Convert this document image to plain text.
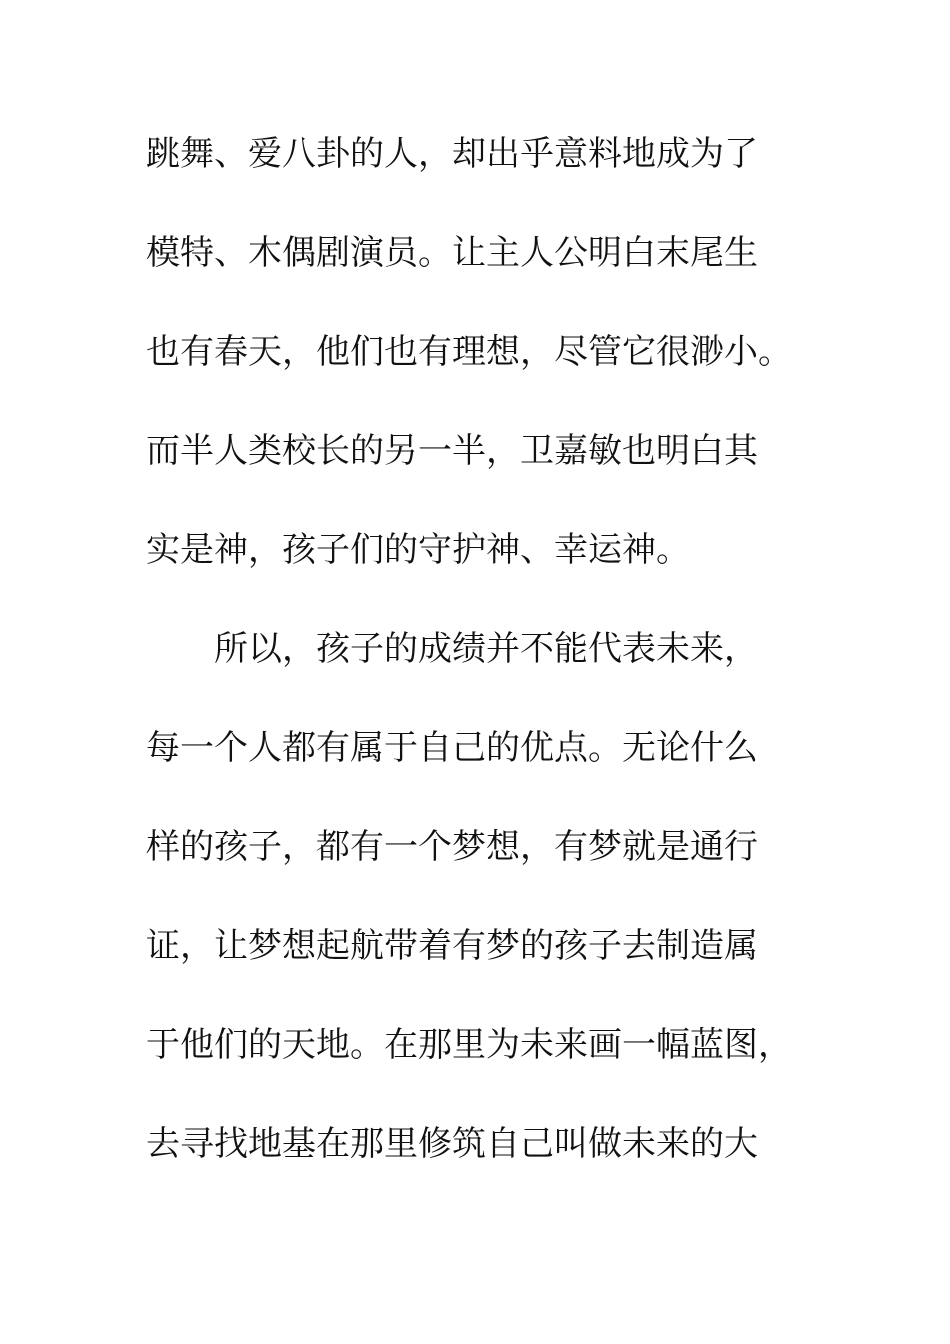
跳舞、爱八卦的人，却出乎意料地成为了
模特、木偶剧演员。让主人公明白末尾生
也有春天，他们也有理想，尽管它很渺小。
而半人类校长的另一半，卫嘉敏也明白其
实是神，孩子们的守护神、幸运神。
所以，孩子的成绩并不能代表未来，
每一个人都有属于自己的优点。无论什么
样的孩子，都有一个梦想，有梦就是通行
证，让梦想起航带着有梦的孩子去制造属
于他们的天地。在那里为未来画一幅蓝图，
去寻找地基在那里修筑自己叫做未来的大
